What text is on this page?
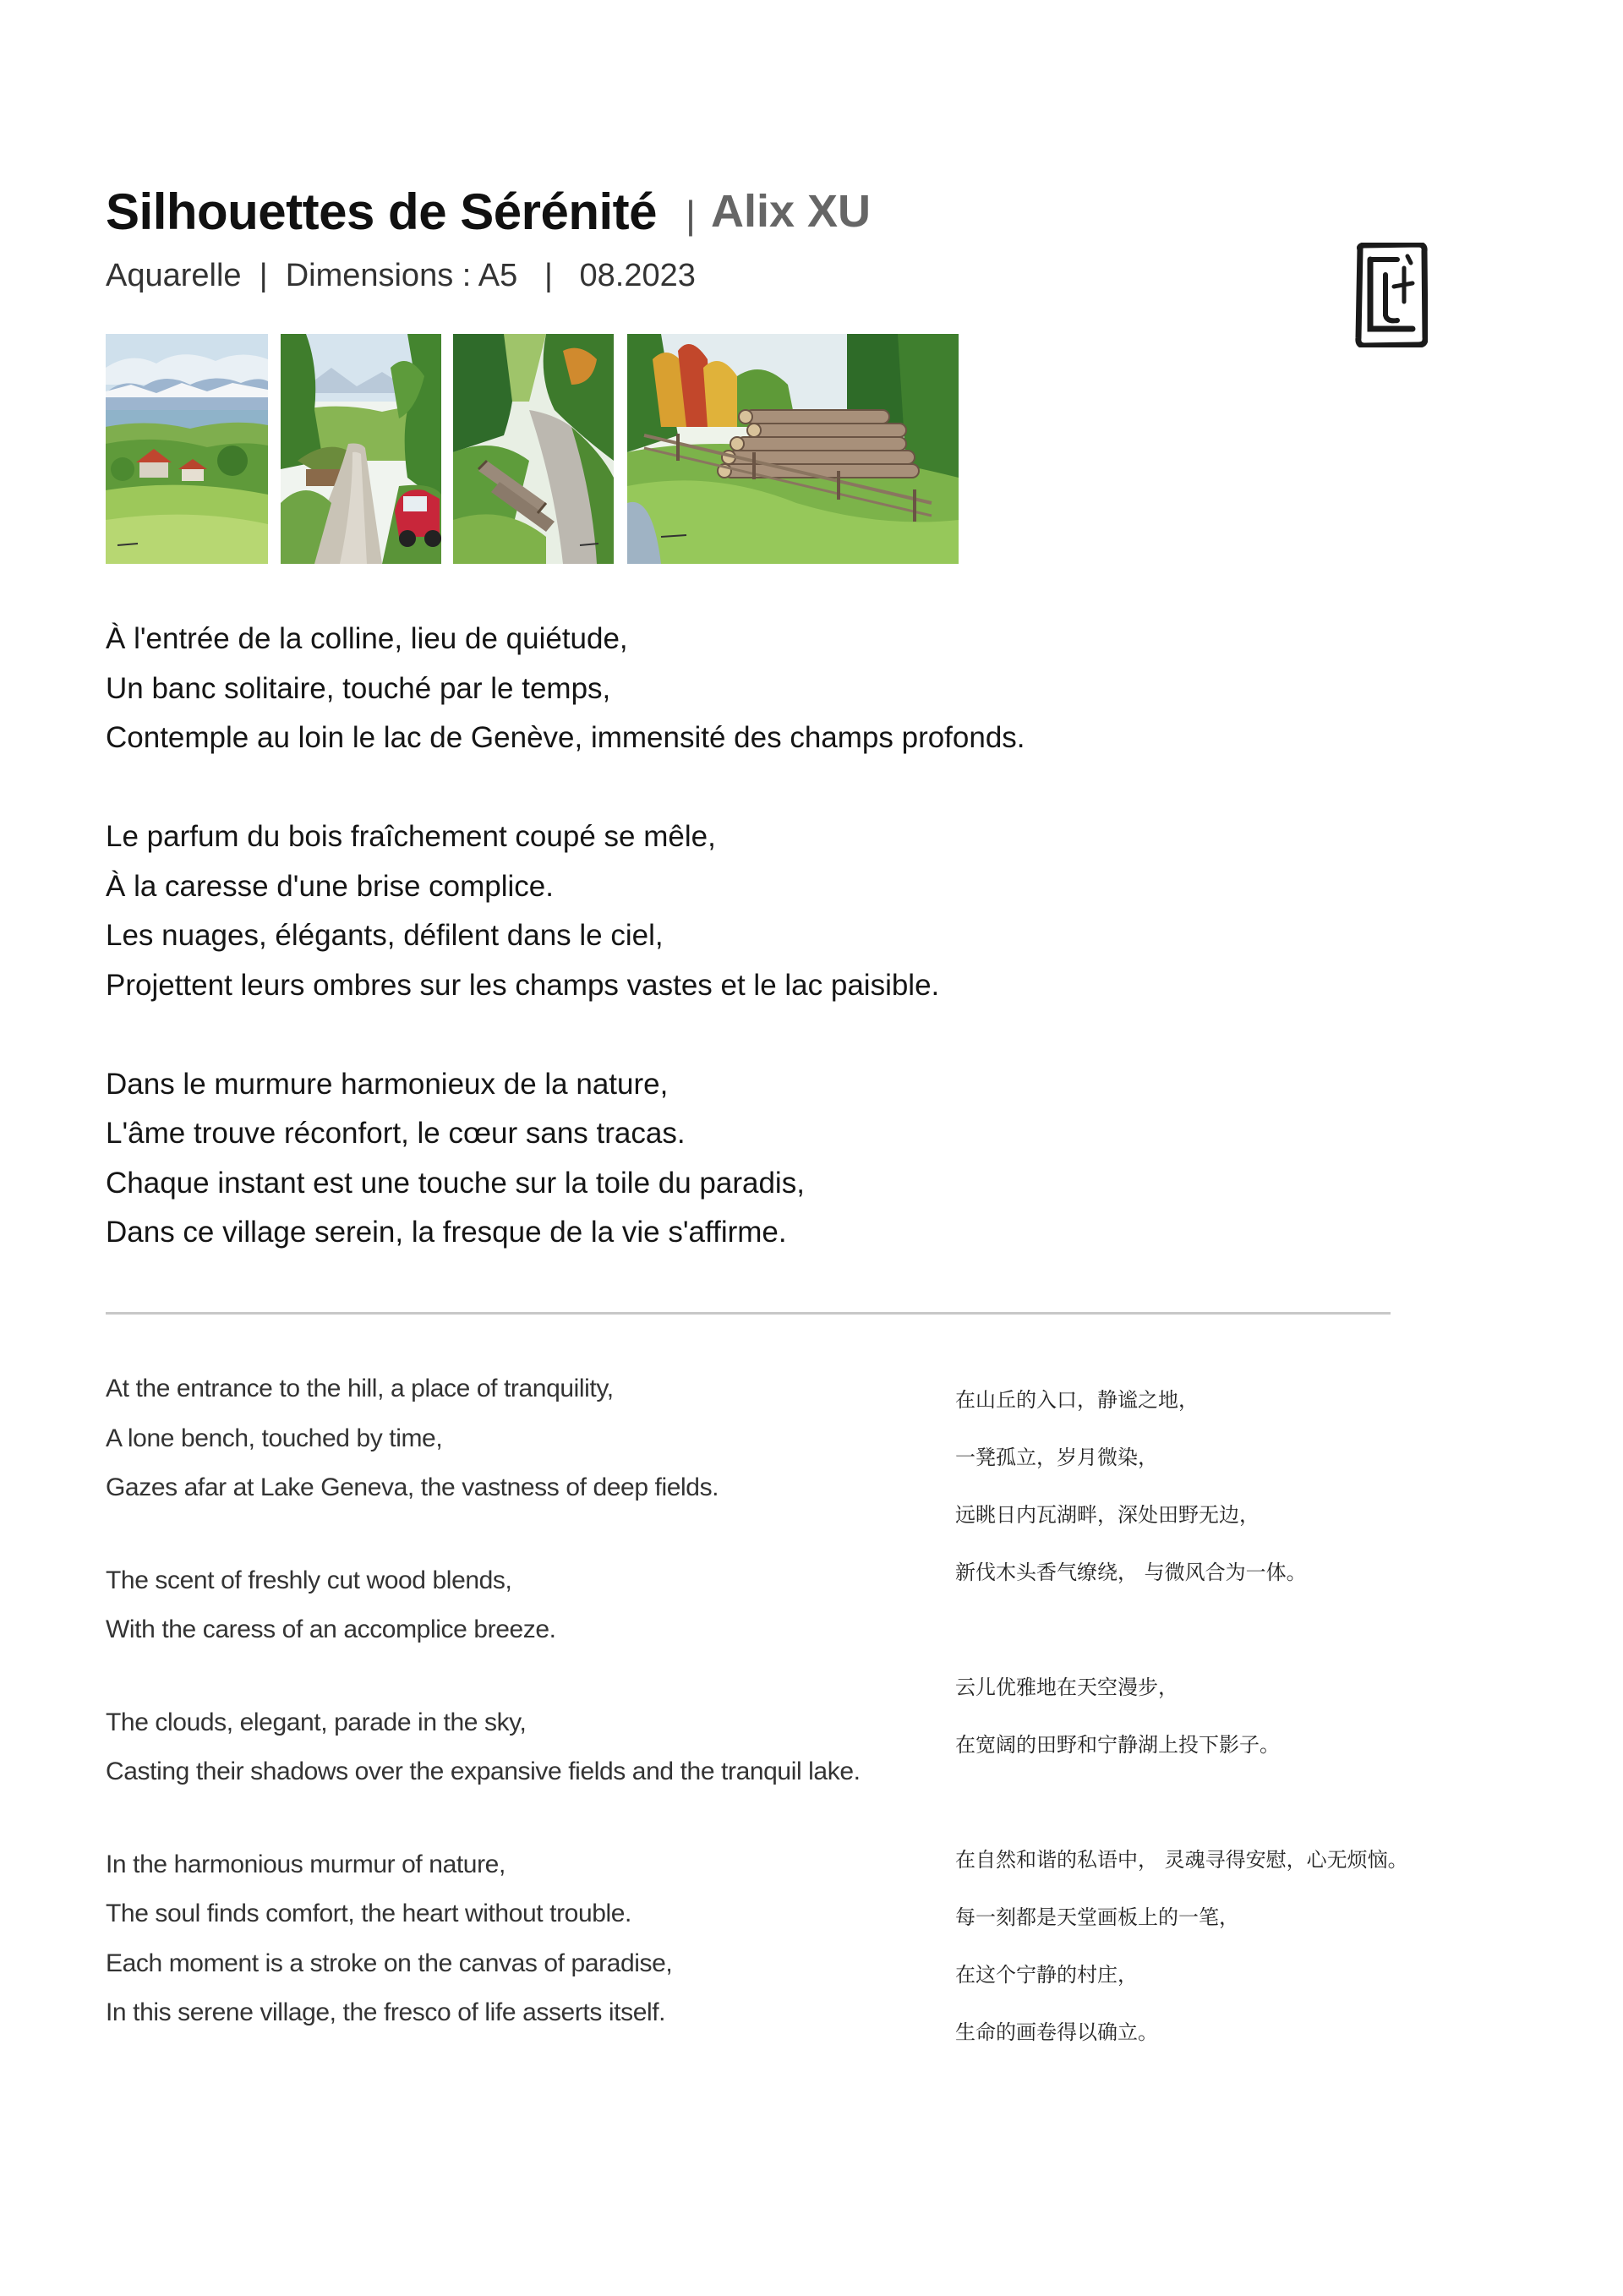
Silhouettes de Sérénité | Alix XU
Aquarelle | Dimensions : A5 | 08.2023
À l'entrée de la colline, lieu de quiétude,
Un banc solitaire, touché par le temps,
Contemple au loin le lac de Genève, immensité des champs profonds.
Le parfum du bois fraîchement coupé se mêle,
À la caresse d'une brise complice.
Les nuages, élégants, défilent dans le ciel,
Projettent leurs ombres sur les champs vastes et le lac paisible.
Dans le murmure harmonieux de la nature,
L'âme trouve réconfort, le cœur sans tracas.
Chaque instant est une touche sur la toile du paradis,
Dans ce village serein, la fresque de la vie s'affirme.
At the entrance to the hill, a place of tranquility,
A lone bench, touched by time,
Gazes afar at Lake Geneva, the vastness of deep fields.
The scent of freshly cut wood blends,
With the caress of an accomplice breeze.
The clouds, elegant, parade in the sky,
Casting their shadows over the expansive fields and the tranquil lake.
In the harmonious murmur of nature,
The soul finds comfort, the heart without trouble.
Each moment is a stroke on the canvas of paradise,
In this serene village, the fresco of life asserts itself.
在山丘的入口，静谧之地，
一凳孤立，岁月微染，
远眺日内瓦湖畔，深处田野无边，
新伐木头香气缭绕， 与微风合为一体。
云儿优雅地在天空漫步，
在宽阔的田野和宁静湖上投下影子。
在自然和谐的私语中， 灵魂寻得安慰，心无烦恼。
每一刻都是天堂画板上的一笔，
在这个宁静的村庄，
生命的画卷得以确立。
